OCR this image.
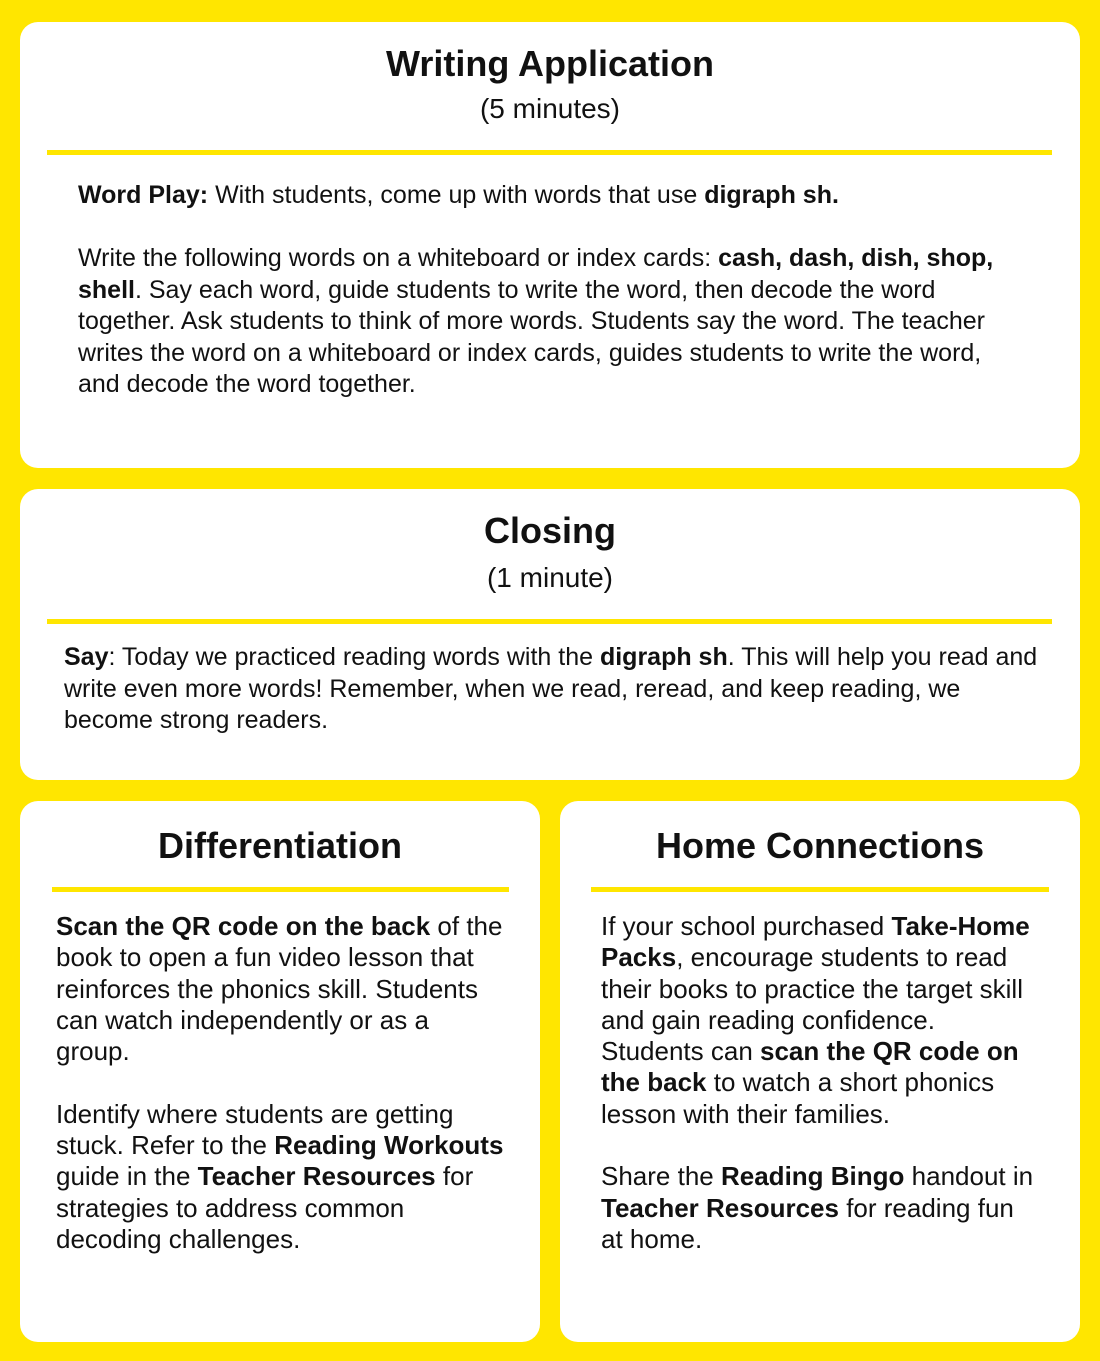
Writing Application
(5 minutes)

Word Play: With students, come up with words that use digraph sh.

Write the following words on a whiteboard or index cards: cash, dash, dish, shop, shell. Say each word, guide students to write the word, then decode the word together. Ask students to think of more words. Students say the word. The teacher writes the word on a whiteboard or index cards, guides students to write the word, and decode the word together.

Closing
(1 minute)

Say: Today we practiced reading words with the digraph sh. This will help you read and write even more words! Remember, when we read, reread, and keep reading, we become strong readers.

Differentiation

Scan the QR code on the back of the book to open a fun video lesson that reinforces the phonics skill. Students can watch independently or as a group.

Identify where students are getting stuck. Refer to the Reading Workouts guide in the Teacher Resources for strategies to address common decoding challenges.

Home Connections

If your school purchased Take-Home Packs, encourage students to read their books to practice the target skill and gain reading confidence. Students can scan the QR code on the back to watch a short phonics lesson with their families.

Share the Reading Bingo handout in Teacher Resources for reading fun at home.
